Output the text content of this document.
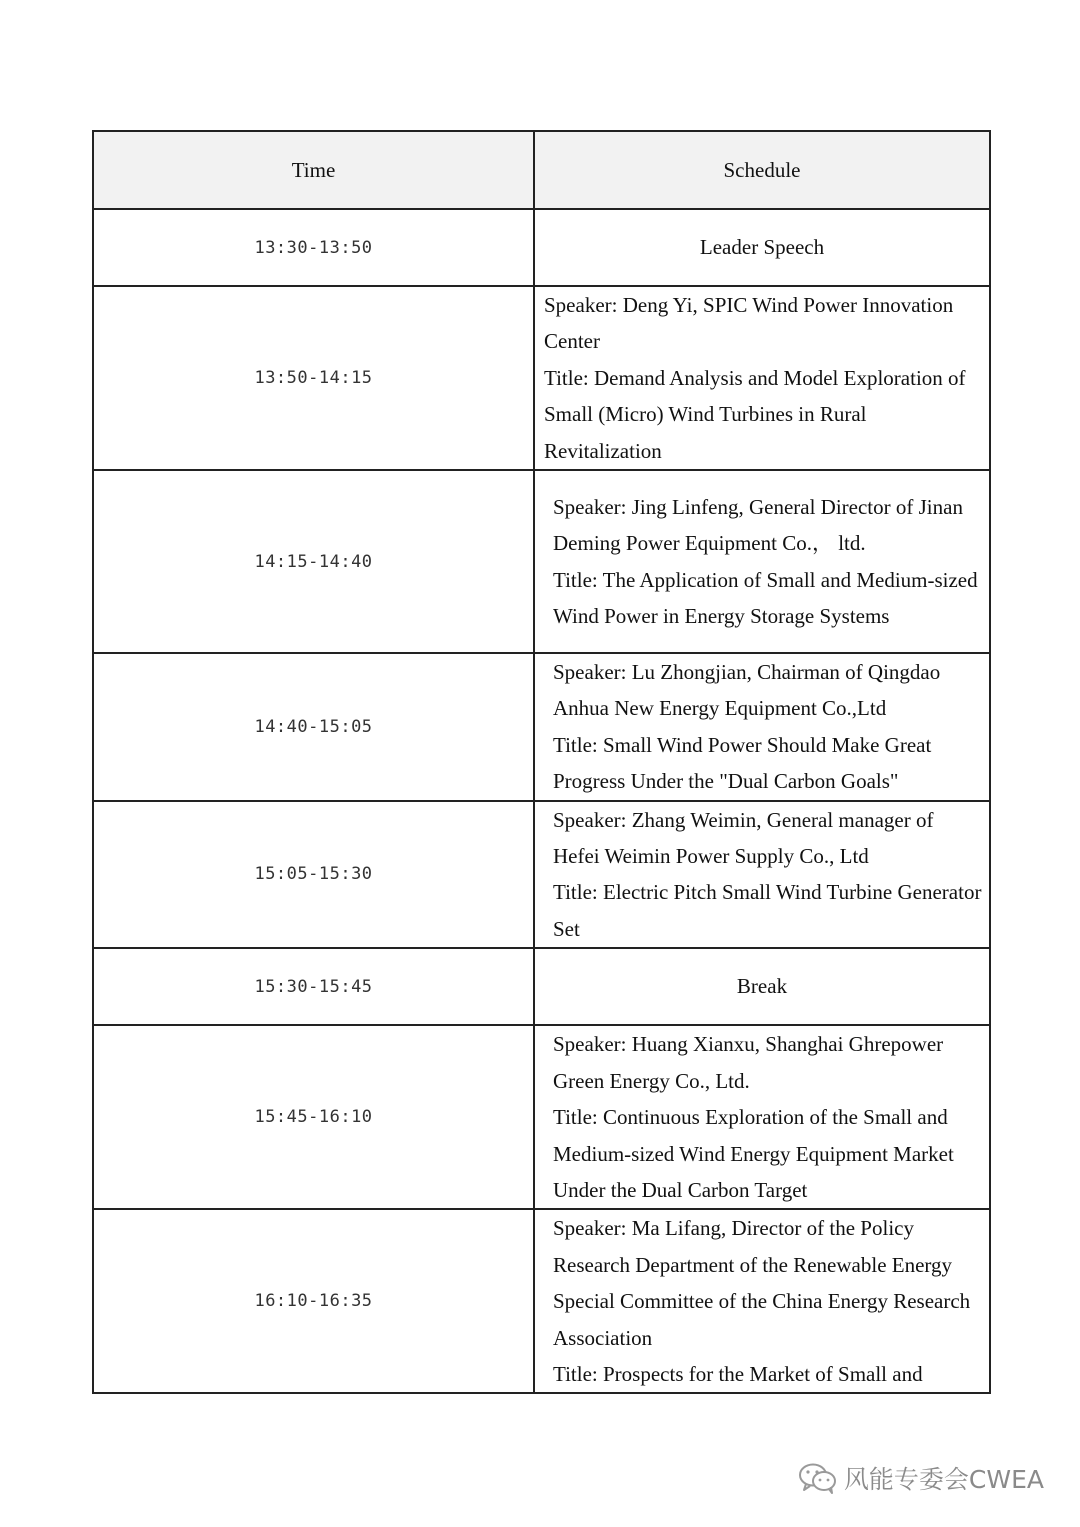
Time	Schedule
13:30-13:50	Leader Speech
13:50-14:15	Speaker: Deng Yi, SPIC Wind Power Innovation Center

Title: Demand Analysis and Model Exploration of Small (Micro) Wind Turbines in Rural Revitalization

14:15-14:40	Speaker: Jing Linfeng, General Director of Jinan Deming Power Equipment Co.， ltd.

Title: The Application of Small and Medium-sized Wind Power in Energy Storage Systems

14:40-15:05	Speaker: Lu Zhongjian, Chairman of Qingdao Anhua New Energy Equipment Co.,Ltd

Title: Small Wind Power Should Make Great Progress Under the "Dual Carbon Goals"

15:05-15:30	Speaker: Zhang Weimin, General manager of Hefei Weimin Power Supply Co., Ltd

Title: Electric Pitch Small Wind Turbine Generator Set

15:30-15:45	Break
15:45-16:10	Speaker: Huang Xianxu, Shanghai Ghrepower Green Energy Co., Ltd.

Title: Continuous Exploration of the Small and Medium-sized Wind Energy Equipment Market Under the Dual Carbon Target

16:10-16:35	Speaker: Ma Lifang, Director of the Policy Research Department of the Renewable Energy Special Committee of the China Energy Research Association

Title: Prospects for the Market of Small and

风能专委会CWEA
